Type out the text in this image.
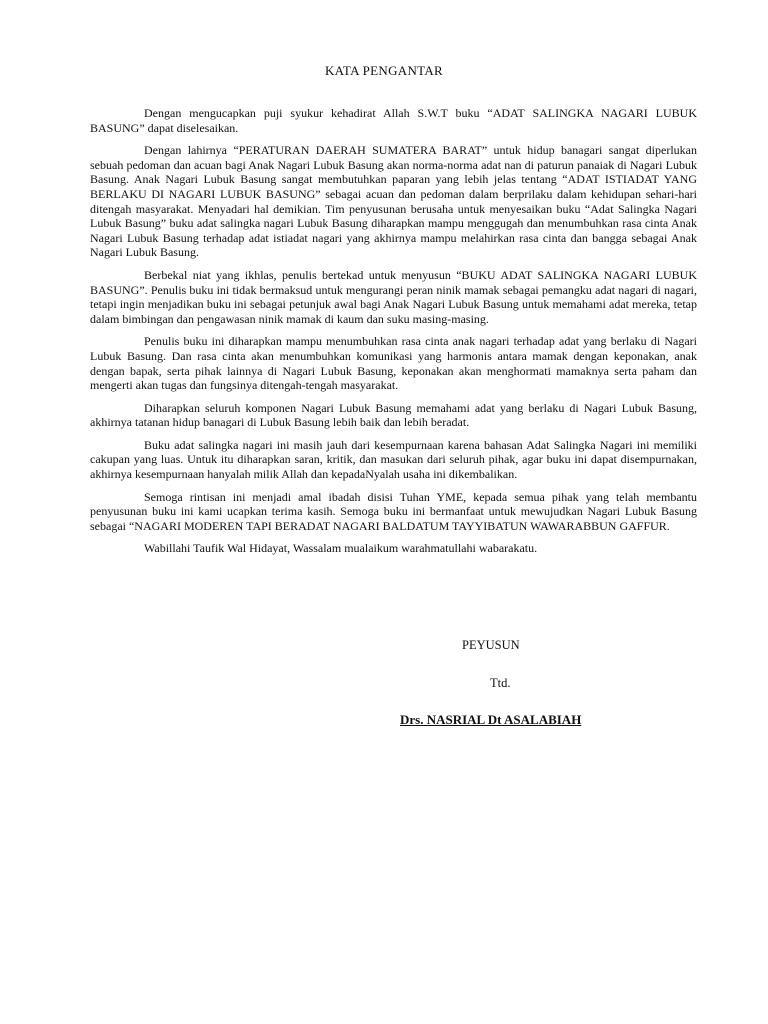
KATA PENGANTAR

Dengan mengucapkan puji syukur kehadirat Allah S.W.T buku “ADAT SALINGKA NAGARI LUBUK BASUNG” dapat diselesaikan.

Dengan lahirnya “PERATURAN DAERAH SUMATERA BARAT” untuk hidup banagari sangat diperlukan sebuah pedoman dan acuan bagi Anak Nagari Lubuk Basung akan norma-norma adat nan di paturun panaiak di Nagari Lubuk Basung. Anak Nagari Lubuk Basung sangat membutuhkan paparan yang lebih jelas tentang “ADAT ISTIADAT YANG BERLAKU DI NAGARI LUBUK BASUNG” sebagai acuan dan pedoman dalam berprilaku dalam kehidupan sehari-hari ditengah masyarakat. Menyadari hal demikian. Tim penyusunan berusaha untuk menyesaikan buku “Adat Salingka Nagari Lubuk Basung” buku adat salingka nagari Lubuk Basung diharapkan mampu menggugah dan menumbuhkan rasa cinta Anak Nagari Lubuk Basung terhadap adat istiadat nagari yang akhirnya mampu melahirkan rasa cinta dan bangga sebagai Anak Nagari Lubuk Basung.

Berbekal niat yang ikhlas, penulis bertekad untuk menyusun “BUKU ADAT SALINGKA NAGARI LUBUK BASUNG”. Penulis buku ini tidak bermaksud untuk mengurangi peran ninik mamak sebagai pemangku adat nagari di nagari, tetapi ingin menjadikan buku ini sebagai petunjuk awal bagi Anak Nagari Lubuk Basung untuk memahami adat mereka, tetap dalam bimbingan dan pengawasan ninik mamak di kaum dan suku masing-masing.

Penulis buku ini diharapkan mampu menumbuhkan rasa cinta anak nagari terhadap adat yang berlaku di Nagari Lubuk Basung. Dan rasa cinta akan menumbuhkan komunikasi yang harmonis antara mamak dengan keponakan, anak dengan bapak, serta pihak lainnya di Nagari Lubuk Basung, keponakan akan menghormati mamaknya serta paham dan mengerti akan tugas dan fungsinya ditengah-tengah masyarakat.

Diharapkan seluruh komponen Nagari Lubuk Basung memahami adat yang berlaku di Nagari Lubuk Basung, akhirnya tatanan hidup banagari di Lubuk Basung lebih baik dan lebih beradat.

Buku adat salingka nagari ini masih jauh dari kesempurnaan karena bahasan Adat Salingka Nagari ini memiliki cakupan yang luas. Untuk itu diharapkan saran, kritik, dan masukan dari seluruh pihak, agar buku ini dapat disempurnakan, akhirnya kesempurnaan hanyalah milik Allah dan kepadaNyalah usaha ini dikembalikan.

Semoga rintisan ini menjadi amal ibadah disisi Tuhan YME, kepada semua pihak yang telah membantu penyusunan buku ini kami ucapkan terima kasih. Semoga buku ini bermanfaat untuk mewujudkan Nagari Lubuk Basung sebagai “NAGARI MODEREN TAPI BERADAT NAGARI BALDATUM TAYYIBATUN WAWARABBUN GAFFUR.

Wabillahi Taufik Wal Hidayat, Wassalam mualaikum warahmatullahi wabarakatu.

PEYUSUN
Ttd.
Drs. NASRIAL Dt ASALABIAH
